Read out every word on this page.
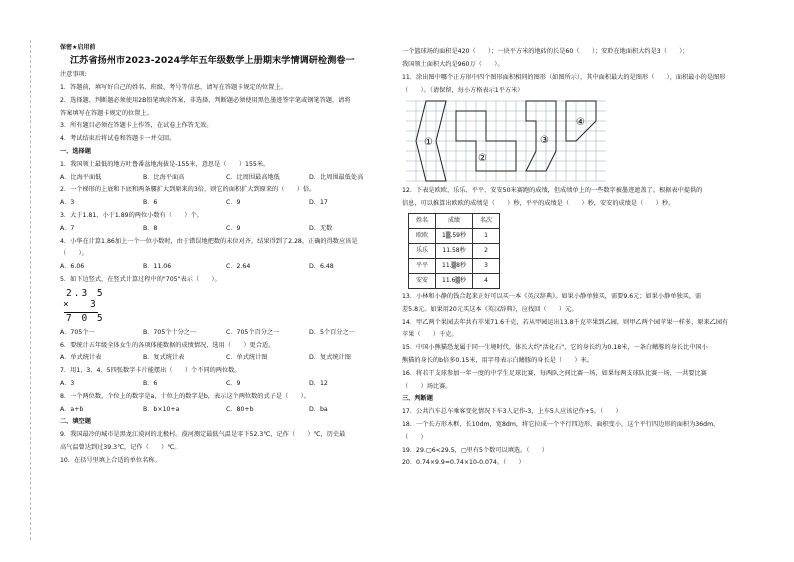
保密★启用前
江苏省扬州市2023-2024学年五年级数学上册期末学情调研检测卷一
注意事项:
1．答题前，填写好自己的姓名、班级、考号等信息，请写在答题卡规定的位置上。
2．选择题、判断题必须使用2B铅笔填涂答案，非选择、判断题必须使用黑色墨迹签字笔或钢笔答题，请将
答案填写在答题卡规定的位置上。
3．所有题目必须在答题卡上作答，在试卷上作答无效。
4．考试结束后将试卷和答题卡一并交回。
一、选择题
1．我国领土最低的地方吐鲁番盆地海拔是-155米，意思是（　　）155米。
A．比海平面低	B．比海平面高	C．比周围最高地低	D．比周围最低处高
2．一个梯形的上底和下底和两条腰扩大到原来的3倍，则它的面积扩大到原来的（　　）倍。
A．3	B．6	C．9	D．17
3．大于1.81、小于1.89的两位小数有（　　）个。
A．7	B．8	C．9	D．无数
4．小华在计算1.86加上一个一位小数时，由于错误地把数的末位对齐，结果得到了2.28。正确的得数应该是
（　　）。
A．6.06	B．11.06	C．2.64	D．6.48
5．如下边竖式，在竖式计算过程中的"705"表示（　　）。
2.3 5
×　 3
7 0 5
A．705个一	B．705个十分之一	C．705个百分之一	D．5个百分之一
6．要统计五年级全体女生的各项体能数据的成绩情况，选用（　　）更合适。
A．单式统计表	B．复式统计表	C．单式统计图	D．复式统计图
7．用1、3、4、5四张数字卡片能摆出（　　）个不同的两位数。
A．3	B．6	C．9	D．12
8．一个两位数，个位上的数字是a，十位上的数字是b，表示这个两位数的式子是（　　）。
A．a+b	B．b×10+a	C．80+b	D．ba
二、填空题
9．我国最冷的城市是黑龙江漠河的北极村。漠河测定最低气温是零下52.3℃，记作（　　）℃，历史最
高气温曾达到过39.3℃，记作（　　）℃。
10．在括号里填上合适的单位名称。
一个篮球场的面积是420（　　）；一块平方米的地砖的长是60（　　）；安聆在地面积大约是3（　　）；
我国领土面积大约是960万（　　）。
11．涂出图中哪个正方形中四个图形面积相同的图形（如图所示），其中面积最大的是图形（　　），面积最小的是图形
（　　）。（请保留，每小方格表示1平方米）
①
②
③
④
12．下表是欧欧、乐乐、平平、安安50米赛跑的成绩，但成绩单上的一些数字被墨迹遮盖了。根据表中提供的
信息，可以推算出欧欧的成绩是（　　）秒，平平的成绩是（　　）秒，安安的成绩是（　　）秒。
姓名	成绩	名次
欧欧	1▒.59秒	1
乐乐	11.58秒	2
平平	11.▒8秒	3
安安	11.6▒秒	4
13．小林和小静的钱合起来正好可以买一本《英汉辞典》。如果小静单独买，需要9.6元；如果小静单独买，需
差5.8元。如果用20元买这本《英汉辞典》，应找回（　　）元。
14．甲乙两个果园去年共有苹果71.6千克，若从甲园运出13.8千克苹果到乙园，则甲乙两个园苹果一样多，原来乙园有
苹果（　　）千克。
15．中国小熊猫恐龙属于同一生境时代，体长大约"活化石"，它的身长约为0.18米，一条白鳍豚的身长比中国小
熊猫的身长的b倍多0.15米，用字母表示白鳍豚的身长是（　　）米。
16．将若干支球参加一年一度的中学生足球比赛，每两队之间比赛一场，如果每两支球队比赛一场，一共要比赛
（　　）场比赛。
三、判断题
17．公共汽车总车乘客变化情况下车3人记作-3，上车5人应该记作+5。（　　）
18．一个长方形木框，长10dm，宽8dm，将它拉成一个平行四边形，面积变小，这个平行四边形的面积为36dm。
（　　）
19．29.▢6<29.5，▢里有5个数可以填选。（　　）
20．0.74×9.9=0.74×10-0.074。（　　）
